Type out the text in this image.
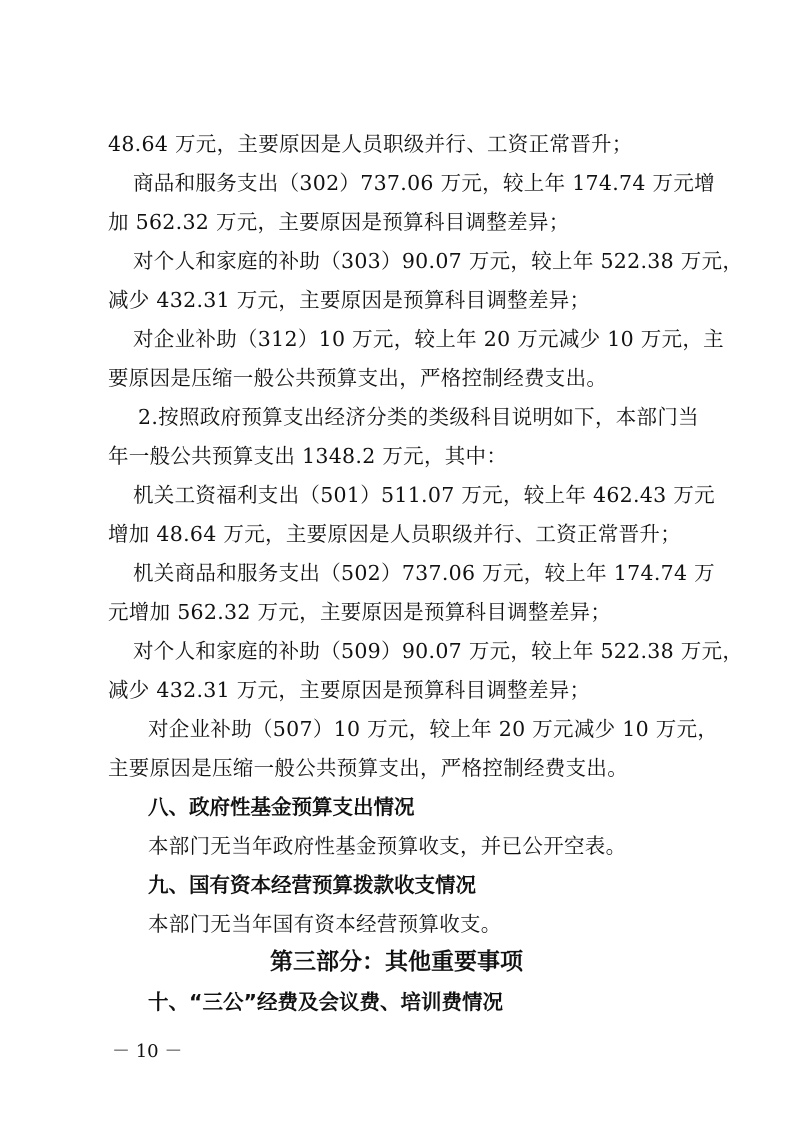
48.64 万元，主要原因是人员职级并行、工资正常晋升；
商品和服务支出（302）737.06 万元，较上年 174.74 万元增
加 562.32 万元，主要原因是预算科目调整差异；
对个人和家庭的补助（303）90.07 万元，较上年 522.38 万元，
减少 432.31 万元，主要原因是预算科目调整差异；
对企业补助（312）10 万元，较上年 20 万元减少 10 万元，主
要原因是压缩一般公共预算支出，严格控制经费支出。
2.按照政府预算支出经济分类的类级科目说明如下，本部门当
年一般公共预算支出 1348.2 万元，其中：
机关工资福利支出（501）511.07 万元，较上年 462.43 万元
增加 48.64 万元，主要原因是人员职级并行、工资正常晋升；
机关商品和服务支出（502）737.06 万元，较上年 174.74 万
元增加 562.32 万元，主要原因是预算科目调整差异；
对个人和家庭的补助（509）90.07 万元，较上年 522.38 万元，
减少 432.31 万元，主要原因是预算科目调整差异；
对企业补助（507）10 万元，较上年 20 万元减少 10 万元，
主要原因是压缩一般公共预算支出，严格控制经费支出。
八、政府性基金预算支出情况
本部门无当年政府性基金预算收支，并已公开空表。
九、国有资本经营预算拨款收支情况
本部门无当年国有资本经营预算收支。
第三部分：其他重要事项
十、“三公”经费及会议费、培训费情况
－ 10 －
